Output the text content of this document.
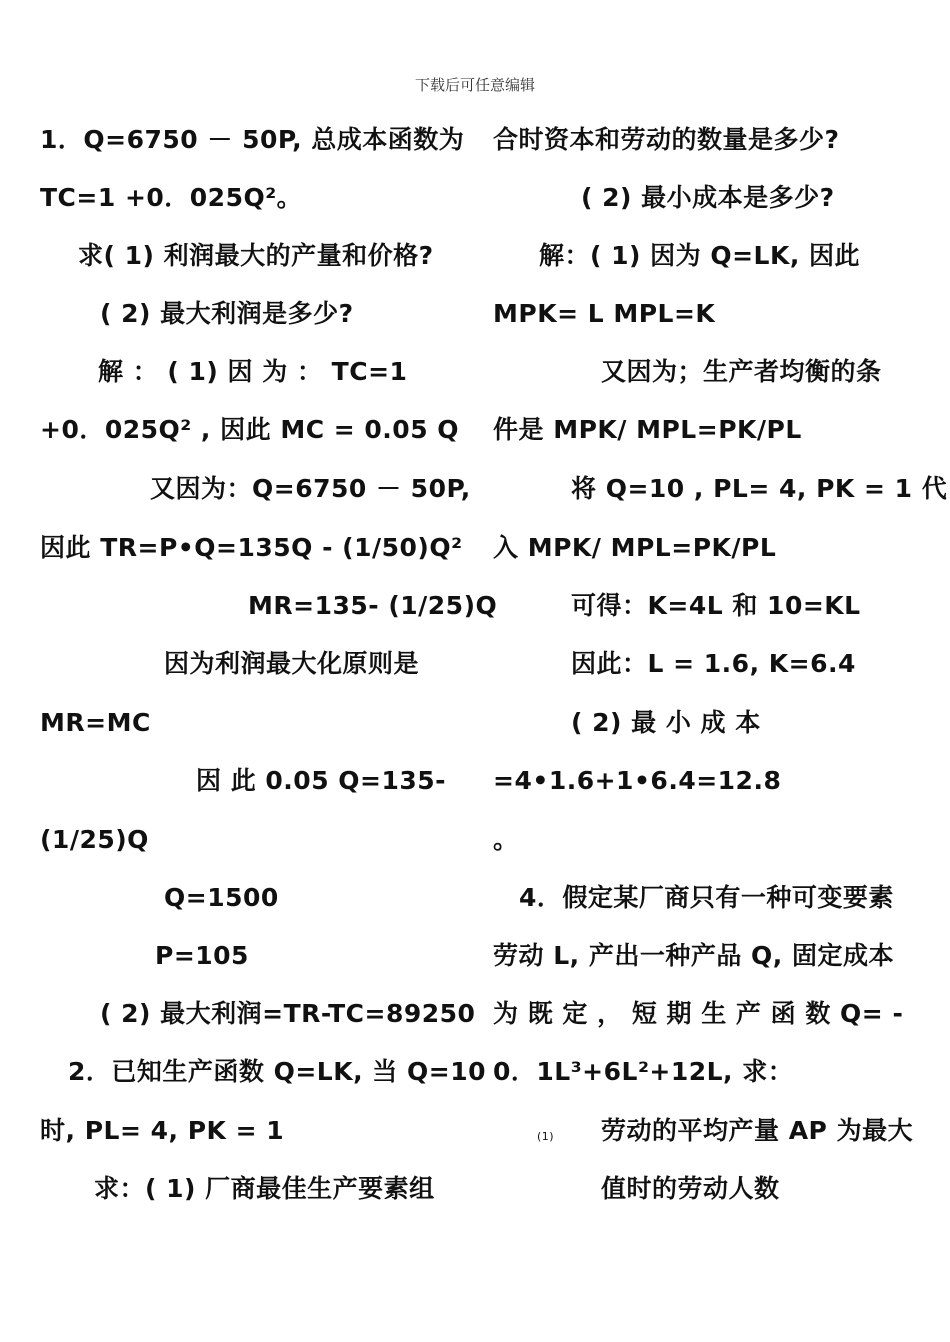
下载后可任意编辑
1．Q=6750 － 50P, 总成本函数为
TC=1 +0．025Q²。
求( 1) 利润最大的产量和价格?
( 2) 最大利润是多少?
解 ： ( 1) 因 为 ： TC=1
+0．025Q² , 因此 MC = 0.05 Q
又因为：Q=6750 － 50P,
因此 TR=P•Q=135Q - (1/50)Q²
MR=135- (1/25)Q
因为利润最大化原则是
MR=MC
因 此 0.05 Q=135-
(1/25)Q
Q=1500
P=105
( 2) 最大利润=TR-TC=89250
2．已知生产函数 Q=LK, 当 Q=10
时, PL= 4, PK = 1
求：( 1) 厂商最佳生产要素组
合时资本和劳动的数量是多少?
( 2) 最小成本是多少?
解：( 1) 因为 Q=LK, 因此
MPK= L MPL=K
又因为；生产者均衡的条
件是 MPK/ MPL=PK/PL
将 Q=10 , PL= 4, PK = 1 代
入 MPK/ MPL=PK/PL
可得：K=4L 和 10=KL
因此：L = 1.6, K=6.4
( 2) 最 小 成 本
=4•1.6+1•6.4=12.8
。
4．假定某厂商只有一种可变要素
劳动 L, 产出一种产品 Q, 固定成本
为 既 定 ， 短 期 生 产 函 数 Q= -
0．1L³+6L²+12L, 求：
(1) 劳动的平均产量 AP 为最大
值时的劳动人数
